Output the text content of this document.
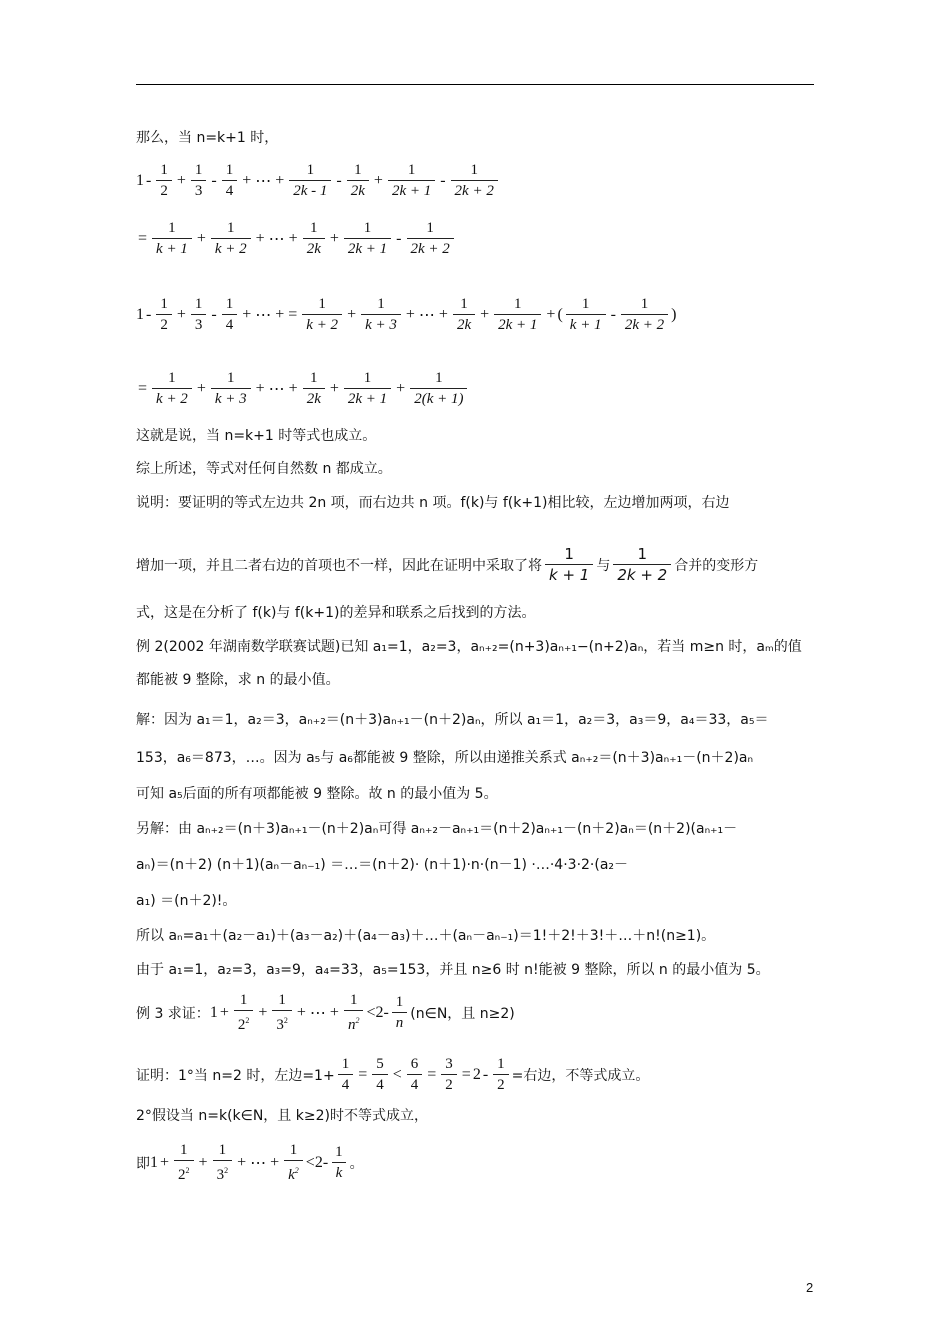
那么，当 n=k+1 时，
$1 - \frac{1}{2} + \frac{1}{3} - \frac{1}{4}$ + ⋯ + $\frac{1}{2k - 1} - \frac{1}{2k} + \frac{1}{2k + 1} - \frac{1}{2k + 2}$
= $\frac{1}{k + 1} + \frac{1}{k + 2}$ + ⋯ + $\frac{1}{2k} + \frac{1}{2k + 1} - \frac{1}{2k + 2}$
$1 - \frac{1}{2} + \frac{1}{3} - \frac{1}{4}$ + ⋯ + = $\frac{1}{k + 2} + \frac{1}{k + 3}$ + ⋯ + $\frac{1}{2k} + \frac{1}{2k + 1}$ + ( $\frac{1}{k + 1} - \frac{1}{2k + 2}$ )
= $\frac{1}{k + 2} + \frac{1}{k + 3}$ + ⋯ + $\frac{1}{2k} + \frac{1}{2k + 1} + \frac{1}{2(k + 1)}$
这就是说，当 n=k+1 时等式也成立。
综上所述，等式对任何自然数 n 都成立。
说明：要证明的等式左边共 2n 项，而右边共 n 项。f(k)与 f(k+1)相比较，左边增加两项，右边
增加一项，并且二者右边的首项也不一样，因此在证明中采取了将 $\frac{1}{k + 1}$ 与 $\frac{1}{2k + 2}$ 合并的变形方
式，这是在分析了 f(k)与 f(k+1)的差异和联系之后找到的方法。
例 2(2002 年湖南数学联赛试题)已知 a₁=1，a₂=3，aₙ₊₂=(n+3)aₙ₊₁−(n+2)aₙ，若当 m≥n 时，aₘ的值
都能被 9 整除，求 n 的最小值。
解：因为 a₁＝1，a₂＝3，aₙ₊₂＝(n＋3)aₙ₊₁－(n＋2)aₙ，所以 a₁＝1，a₂＝3，a₃＝9，a₄＝33，a₅＝
153，a₆＝873，…。因为 a₅与 a₆都能被 9 整除，所以由递推关系式 aₙ₊₂＝(n＋3)aₙ₊₁－(n＋2)aₙ
可知 a₅后面的所有项都能被 9 整除。故 n 的最小值为 5。
另解：由 aₙ₊₂＝(n＋3)aₙ₊₁－(n＋2)aₙ可得 aₙ₊₂－aₙ₊₁＝(n＋2)aₙ₊₁－(n＋2)aₙ＝(n＋2)(aₙ₊₁－
aₙ)＝(n＋2) (n＋1)(aₙ－aₙ₋₁) ＝…＝(n＋2)· (n＋1)·n·(n－1) ·…·4·3·2·(a₂－
a₁) ＝(n＋2)!。
所以 aₙ=a₁＋(a₂－a₁)＋(a₃－a₂)＋(a₄－a₃)＋…＋(aₙ－aₙ₋₁)＝1!＋2!＋3!＋…＋n!(n≥1)。
由于 a₁=1，a₂=3，a₃=9，a₄=33，a₅=153，并且 n≥6 时 n!能被 9 整除，所以 n 的最小值为 5。
例 3 求证： $1 + \frac{1}{2^2} + \frac{1}{3^2}$ + ⋯ + $\frac{1}{n^2} <2- \frac{1}{n}$ (n∈N，且 n≥2)
证明：1°当 n=2 时，左边$=1+ \frac{1}{4} = \frac{5}{4} < \frac{6}{4} = \frac{3}{2} = 2 - \frac{1}{2}$ =右边，不等式成立。
2°假设当 n=k(k∈N，且 k≥2)时不等式成立，
即 $1 + \frac{1}{2^2} + \frac{1}{3^2}$ + ⋯ + $\frac{1}{k^2} <2- \frac{1}{k}$ 。
2
